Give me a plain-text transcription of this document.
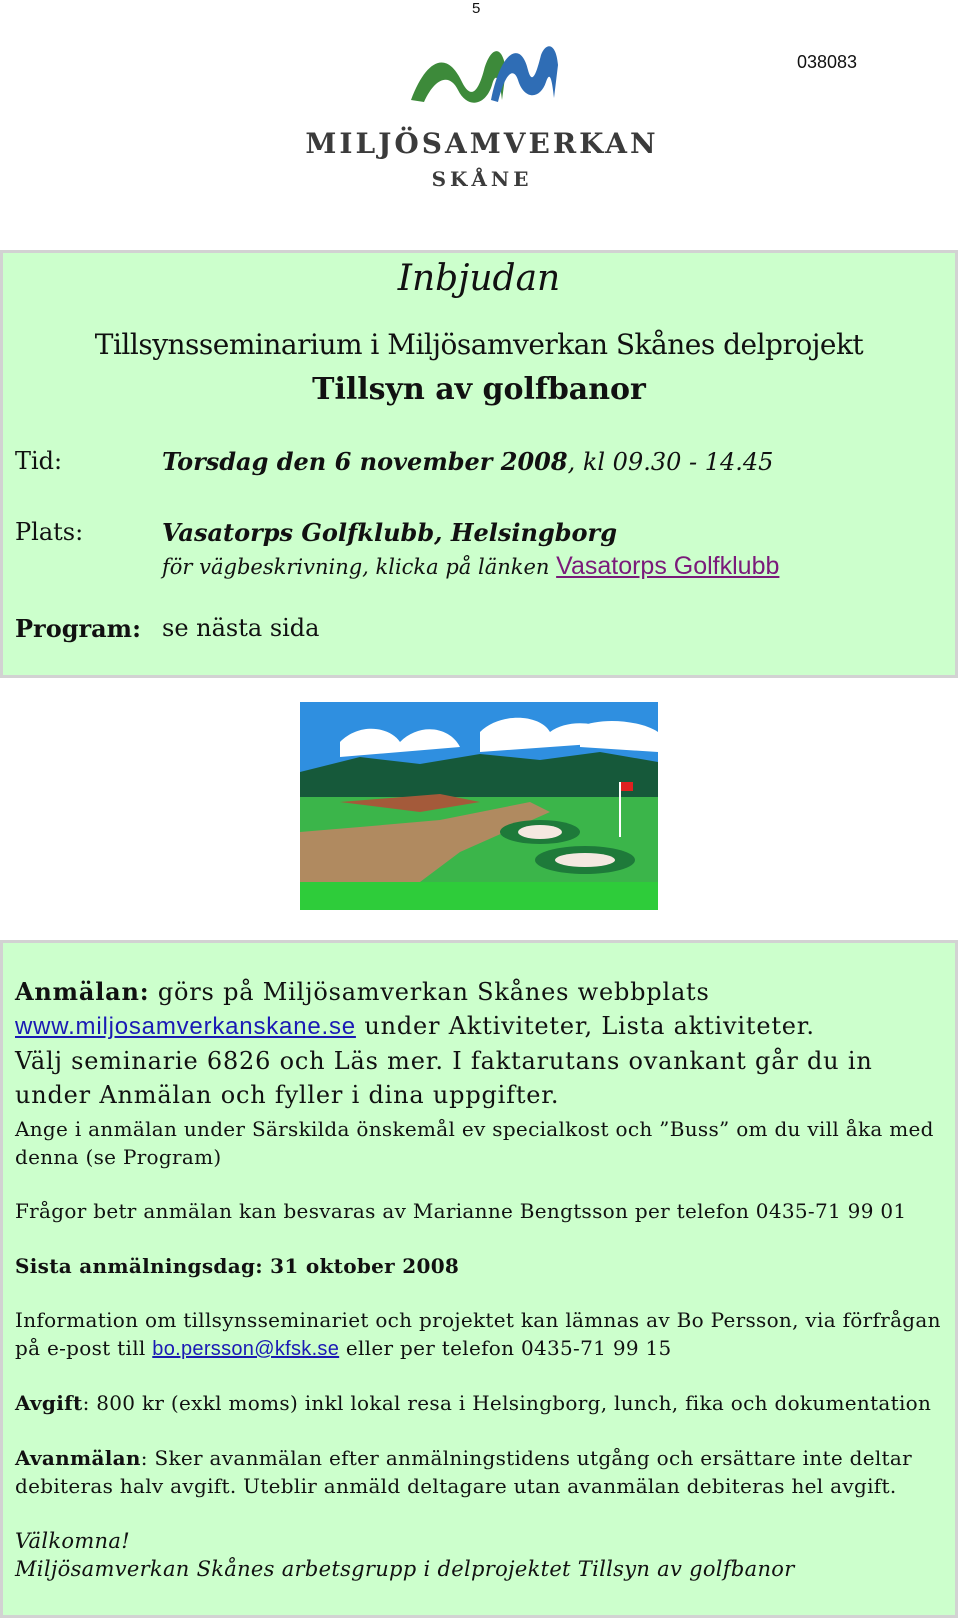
5
038083
MILJÖSAMVERKAN
SKÅNE
Inbjudan
Tillsynsseminarium i Miljösamverkan Skånes delprojekt
Tillsyn av golfbanor
Tid:	Torsdag den 6 november 2008, kl 09.30 - 14.45
Plats:	Vasatorps Golfklubb, Helsingborg
för vägbeskrivning, klicka på länken Vasatorps Golfklubb
Program: se nästa sida
Anmälan: görs på Miljösamverkan Skånes webbplats
www.miljosamverkanskane.se under Aktiviteter, Lista aktiviteter.
Välj seminarie 6826 och Läs mer. I faktarutans ovankant går du in
under Anmälan och fyller i dina uppgifter.
Ange i anmälan under Särskilda önskemål ev specialkost och ”Buss” om du vill åka med denna (se Program)
Frågor betr anmälan kan besvaras av Marianne Bengtsson per telefon 0435-71 99 01
Sista anmälningsdag: 31 oktober 2008
Information om tillsynsseminariet och projektet kan lämnas av Bo Persson, via förfrågan på e-post till bo.persson@kfsk.se eller per telefon 0435-71 99 15
Avgift: 800 kr (exkl moms) inkl lokal resa i Helsingborg, lunch, fika och dokumentation
Avanmälan: Sker avanmälan efter anmälningstidens utgång och ersättare inte deltar debiteras halv avgift. Uteblir anmäld deltagare utan avanmälan debiteras hel avgift.
Välkomna!
Miljösamverkan Skånes arbetsgrupp i delprojektet Tillsyn av golfbanor
